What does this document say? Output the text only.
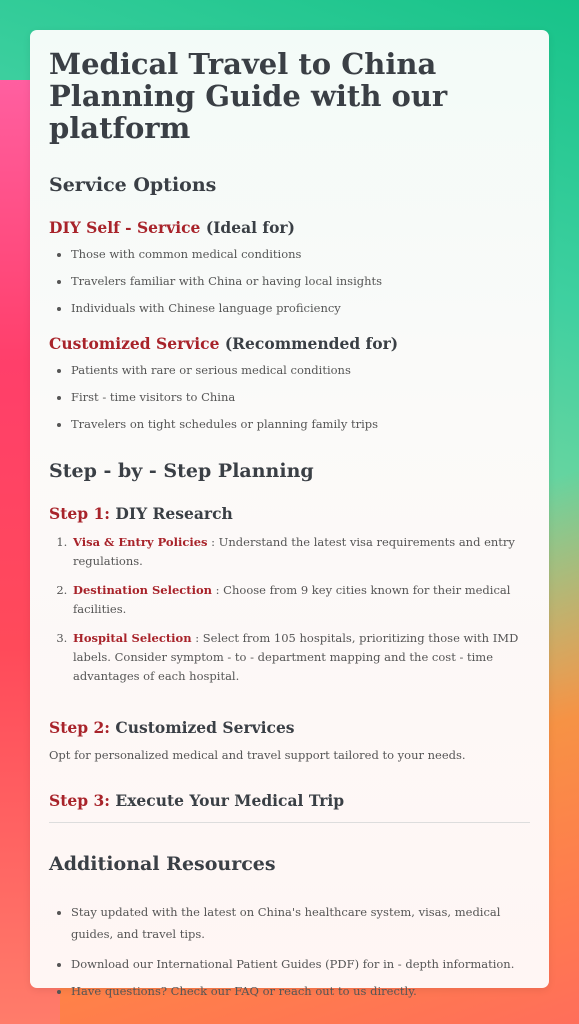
Medical Travel to China Planning Guide with our platform
Service Options
DIY Self - Service (Ideal for)
• Those with common medical conditions
• Travelers familiar with China or having local insights
• Individuals with Chinese language proficiency
Customized Service (Recommended for)
• Patients with rare or serious medical conditions
• First - time visitors to China
• Travelers on tight schedules or planning family trips
Step - by - Step Planning
Step 1: DIY Research
1. Visa & Entry Policies : Understand the latest visa requirements and entry regulations.
2. Destination Selection : Choose from 9 key cities known for their medical facilities.
3. Hospital Selection : Select from 105 hospitals, prioritizing those with IMD labels. Consider symptom - to - department mapping and the cost - time advantages of each hospital.
Step 2: Customized Services

Opt for personalized medical and travel support tailored to your needs.

Step 3: Execute Your Medical Trip
Additional Resources
• Stay updated with the latest on China's healthcare system, visas, medical guides, and travel tips.
• Download our International Patient Guides (PDF) for in - depth information.
• Have questions? Check our FAQ or reach out to us directly.
